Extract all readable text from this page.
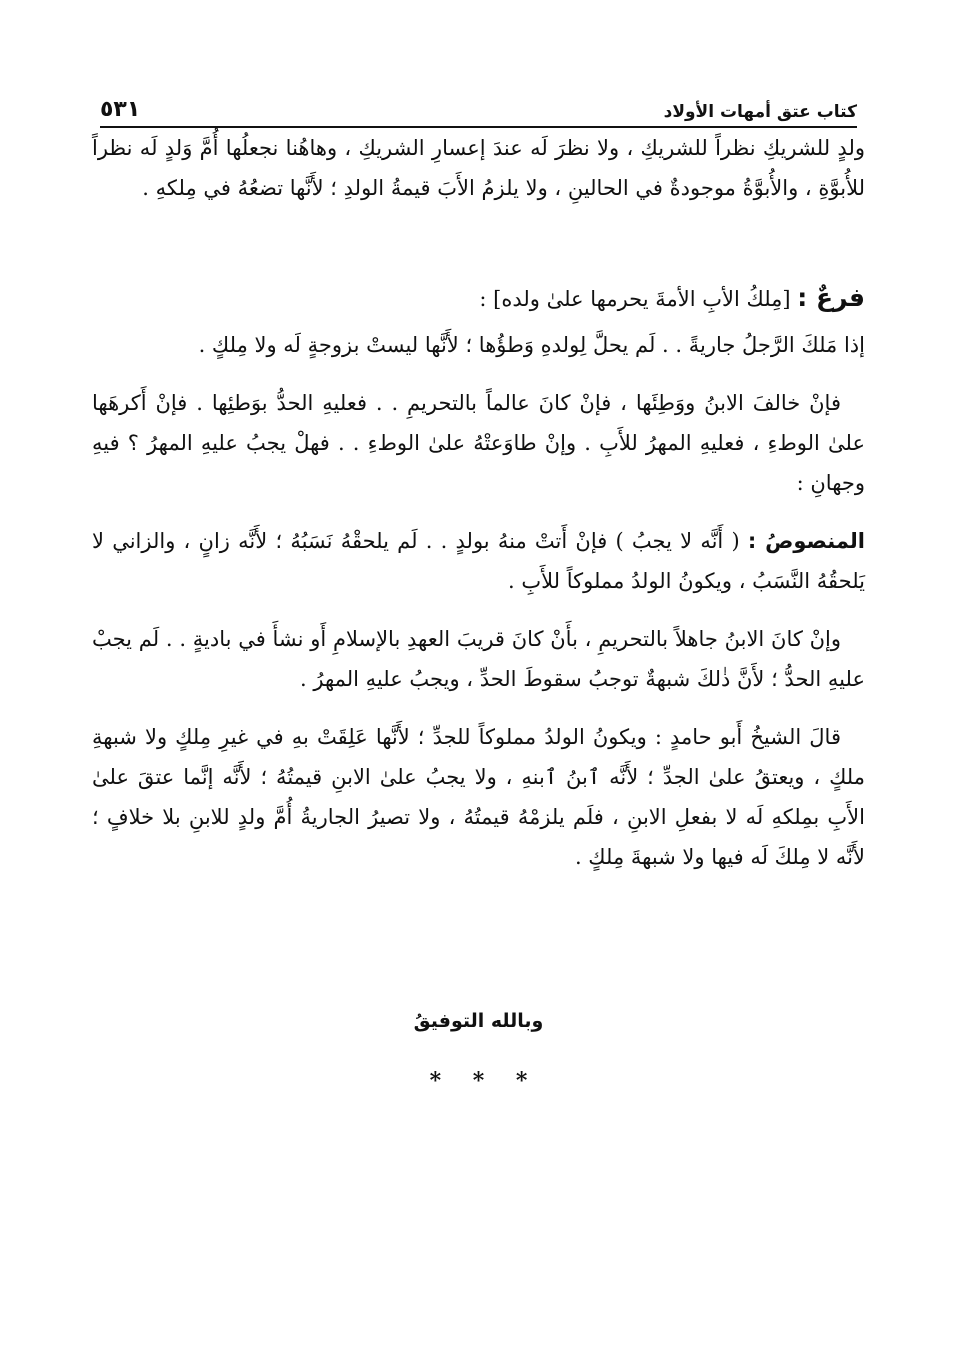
كتاب عتق أمهات الأولاد
٥٣١

ولدٍ للشريكِ نظراً للشريكِ ، ولا نظرَ لَه عندَ إعسارِ الشريكِ ، وهاهُنا نجعلُها أُمَّ وَلدٍ لَه نظراً للأُبوَّةِ ، والأُبوَّةُ موجودةٌ في الحالينِ ، ولا يلزمُ الأَبَ قيمةُ الولدِ ؛ لأَنَّها تضعُهُ في مِلكهِ .

فرعٌ : [مِلكُ الأبِ الأمةَ يحرمها علىٰ ولده] :

إذا مَلكَ الرَّجلُ جاريةً . . لَم يحلَّ لِولدهِ وَطؤُها ؛ لأَنَّها ليستْ بزوجةٍ لَه ولا مِلكٍ .

فإنْ خالفَ الابنُ ووَطِئَها ، فإنْ كانَ عالماً بالتحريمِ . . فعليهِ الحدُّ بوَطئِها . فإنْ أَكرهَها علىٰ الوطءِ ، فعليهِ المهرُ للأَبِ . وإنْ طاوَعتْهُ علىٰ الوطءِ . . فهلْ يجبُ عليهِ المهرُ ؟ فيهِ وجهانِ :

المنصوصُ : ( أَنَّه لا يجبُ ) فإنْ أَتتْ منهُ بولدٍ . . لَم يلحقْهُ نَسَبُهُ ؛ لأَنَّه زانٍ ، والزاني لا يَلحقُهُ النَّسَبُ ، ويكونُ الولدُ مملوكاً للأَبِ .

وإنْ كانَ الابنُ جاهلاً بالتحريمِ ، بأَنْ كانَ قريبَ العهدِ بالإسلامِ أَو نشأَ في باديةٍ . . لَم يجبْ عليهِ الحدُّ ؛ لأَنَّ ذٰلكَ شبهةٌ توجبُ سقوطَ الحدِّ ، ويجبُ عليهِ المهرُ .

قالَ الشيخُ أَبو حامدٍ : ويكونُ الولدُ مملوكاً للجدِّ ؛ لأَنَّها عَلِقَتْ بهِ في غيرِ مِلكٍ ولا شبهةِ ملكٍ ، ويعتقُ علىٰ الجدِّ ؛ لأَنَّه ٱبنُ ٱبنهِ ، ولا يجبُ علىٰ الابنِ قيمتُهُ ؛ لأَنَّه إنَّما عتقَ علىٰ الأَبِ بمِلكهِ لَه لا بفعلِ الابنِ ، فلَم يلزمْهُ قيمتُهُ ، ولا تصيرُ الجاريةُ أُمَّ ولدٍ للابنِ بلا خلافٍ ؛ لأَنَّه لا مِلكَ لَه فيها ولا شبهةَ مِلكٍ .

وبالله التوفيقُ
* * *
